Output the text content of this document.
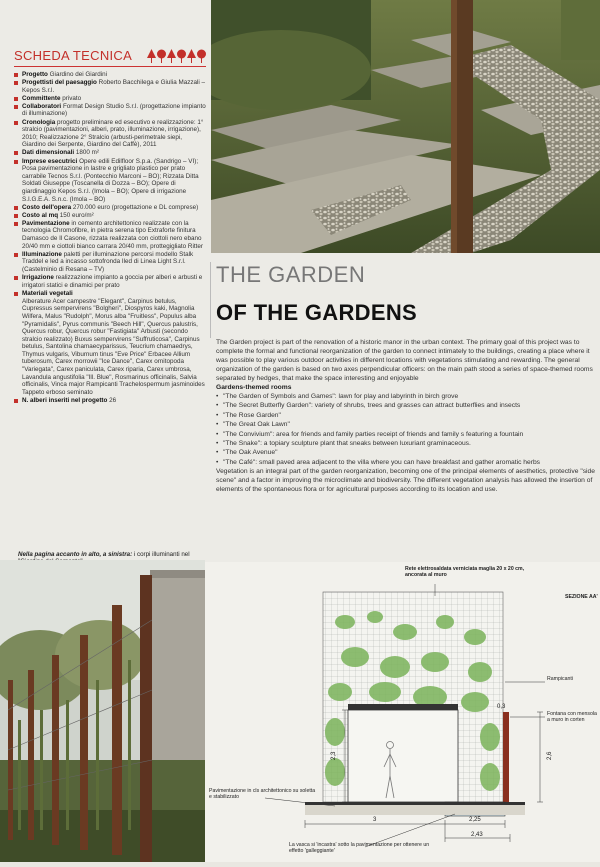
SCHEDA TECNICA
Progetto Giardino dei Giardini
Progettisti del paesaggio Roberto Bacchilega e Giulia Mazzali – Kepos S.r.l.
Committente privato
Collaboratori Format Design Studio S.r.l. (progettazione impianto di illuminazione)
Cronologia progetto preliminare ed esecutivo e realizzazione: 1° stralcio (pavimentazioni, alberi, prato, illuminazione, irrigazione), 2010; Realizzazione 2° Stralcio (arbusti-perimetrale siepi, Giardino dei Serpente, Giardino del Caffè), 2011
Dati dimensionali 1800 m²
Imprese esecutrici Opere edili Edilfloor S.p.a. (Sandrigo – VI); Posa pavimentazione in lastre e grigliato plastico per prato carrabile Tecnos S.r.l. (Pontecchio Marconi – BO); Rizzata Ditta Soldati Giuseppe (Toscanella di Dozza – BO); Opere di giardinaggio Kepos S.r.l. (Imola – BO); Opere di irrigazione S.I.G.E.A. S.n.c. (Imola – BO)
Costo dell'opera 270.000 euro (progettazione e DL comprese)
Costo al mq 150 euro/m²
Pavimentazione in cemento architettonico realizzate con la tecnologia Chromofibre, in pietra serena tipo Extraforte finitura Damasco de Il Casone, rizzata realizzata con ciottoli nero ebano 20/40 mm e ciottoli bianco carrara 20/40 mm, prottegigliato Ritter
Illuminazione paletti per illuminazione percorsi modello Stalk Traddel e led a incasso sottofronda Iled di Linea Light S.r.l. (Castelminio di Resana – TV)
Irrigazione realizzazione impianto a goccia per alberi e arbusti e irrigatori statici e dinamici per prato
Materiali vegetali
Alberature Acer campestre "Elegant", Carpinus betulus, Cupressus sempervirens "Bolgheri", Diospyros kaki, Magnolia Wilfera, Malus "Rudolph", Morus alba "Fruitless", Populus alba "Pyramidalis", Pyrus communis "Beech Hill", Quercus palustris, Quercus robur, Quercus robur "Fastigiata" Arbusti (secondo stralcio realizzato) Buxus sempervirens "Suffruticosa", Carpinus betulus, Santolina chamaecyparissus, Teucrium chamaedrys, Thymus vulgaris, Viburnum tinus "Eve Price" Erbacee Allium tuberosum, Carex morrowii "Ice Dance", Carex ornitopoda "Variegata", Carex paniculata, Carex riparia, Carex umbrosa, Lavandula angustifolia "Ill. Blue", Rosmarinus officinalis, Salvia officinalis, Vinca major Rampicanti Trachelospermum jasminoides Tappeto erboso seminato
N. alberi inseriti nel progetto 26

Nella pagina accanto in alto, a sinistra: i corpi illuminanti nel

THE GARDEN
OF THE GARDENS

The Garden project is part of the renovation of a historic manor in the urban context. The primary goal of this project was to complete the formal and functional reorganization of the garden to connect intimately to the buildings, creating a place where it was possible to play various outdoor activities in different locations with vegetations stimulating and rewarding. The general organization of the garden is based on two axes perpendicular officers: on the main path stood a series of space-themed rooms separated by hedges, that make the space interesting and enjoyable

Gardens-themed rooms

• "The Garden of Symbols and Games": lawn for play and labyrinth in birch grove
• "The Secret Butterfly Garden": variety of shrubs, trees and grasses can attract butterflies and insects
• "The Rose Garden"
• "The Great Oak Lawn"
• "The Convivium": area for friends and family parties receipt of friends and family s featuring a fountain
• "The Snake": a topiary sculpture plant that sneaks between luxuriant graminaceous.
• "The Oak Avenue"
• "The Café": small paved area adjacent to the villa where you can have breakfast and gather aromatic herbs

Vegetation is an integral part of the garden reorganization, becoming one of the principal elements of aesthetics, protective "side scene" and a factor in improving the microclimate and biodiversity. The different vegetation analysis has allowed the insertion of elements of the spontaneous flora or for agricultural purposes according to its location and use.

2,3
0,3
2,6
3	2,25
2,43
Rete elettrosaldata verniciata maglia 20 x 20 cm, ancorata al muro
SEZIONE AA'
Rampicanti
Fontana con mensola a muro in corten
Pavimentazione in cls architettonico su soletta e stabilizzato
La vasca si 'incastra' sotto la pavimentazione per ottenere un effetto 'galleggiante'
